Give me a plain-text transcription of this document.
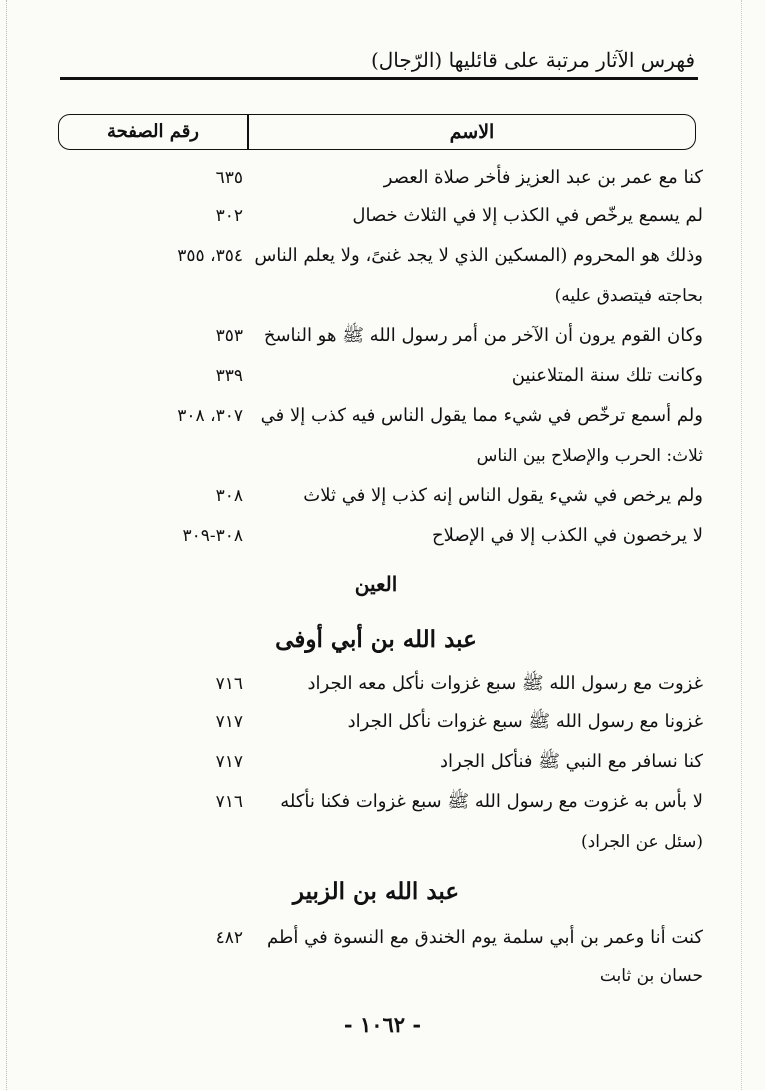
فهرس الآثار مرتبة على قائليها (الرّجال)
الاسم
رقم الصفحة
كنا مع عمر بن عبد العزيز فأخر صلاة العصر
٦٣٥
لم يسمع يرخّص في الكذب إلا في الثلاث خصال
٣٠٢
وذلك هو المحروم (المسكين الذي لا يجد غنىً، ولا يعلم الناس
٣٥٤، ٣٥٥
بحاجته فيتصدق عليه)
وكان القوم يرون أن الآخر من أمر رسول الله ﷺ هو الناسخ
٣٥٣
وكانت تلك سنة المتلاعنين
٣٣٩
ولم أسمع ترخّص في شيء مما يقول الناس فيه كذب إلا في
٣٠٧، ٣٠٨
ثلاث: الحرب والإصلاح بين الناس
ولم يرخص في شيء يقول الناس إنه كذب إلا في ثلاث
٣٠٨
لا يرخصون في الكذب إلا في الإصلاح
٣٠٨-٣٠٩
العين
عبد الله بن أبي أوفى
غزوت مع رسول الله ﷺ سبع غزوات نأكل معه الجراد
٧١٦
غزونا مع رسول الله ﷺ سبع غزوات نأكل الجراد
٧١٧
كنا نسافر مع النبي ﷺ فنأكل الجراد
٧١٧
لا بأس به غزوت مع رسول الله ﷺ سبع غزوات فكنا نأكله
٧١٦
(سئل عن الجراد)
عبد الله بن الزبير
كنت أنا وعمر بن أبي سلمة يوم الخندق مع النسوة في أطم
٤٨٢
حسان بن ثابت
- ١٠٦٢ -
